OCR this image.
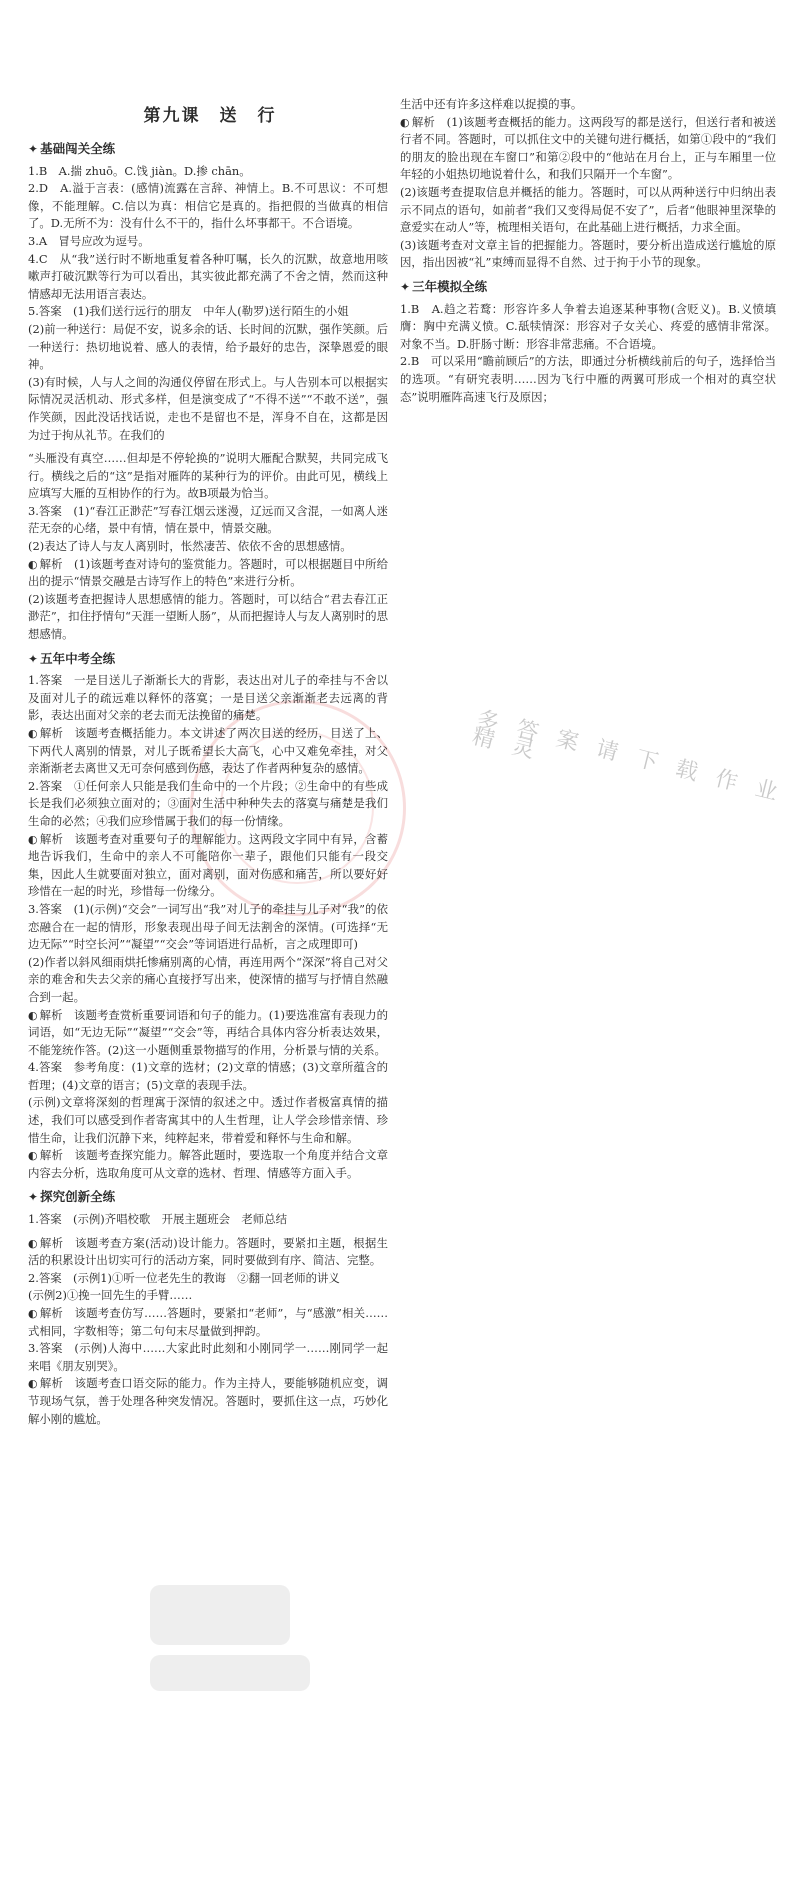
第九课　送　行
✦ 基础闯关全练

1.B　A.揣 zhuō。C.饯 jiàn。D.掺 chān。

2.D　A.溢于言表：(感情)流露在言辞、神情上。B.不可思议：不可想像，不能理解。C.信以为真：相信它是真的。指把假的当做真的相信了。D.无所不为：没有什么不干的，指什么坏事都干。不合语境。

3.A　冒号应改为逗号。

4.C　从“我”送行时不断地重复着各种叮嘱，长久的沉默，故意地用咳嗽声打破沉默等行为可以看出，其实彼此都充满了不舍之情，然而这种情感却无法用语言表达。

5.答案　(1)我们送行远行的朋友　中年人(勒罗)送行陌生的小姐

(2)前一种送行：局促不安，说多余的话、长时间的沉默，强作笑颜。后一种送行：热切地说着、感人的表情，给予最好的忠告，深挚恩爱的眼神。

(3)有时候，人与人之间的沟通仪停留在形式上。与人告别本可以根据实际情况灵活机动、形式多样，但是演变成了“不得不送”“不敢不送”，强作笑颜，因此没话找话说，走也不是留也不是，浑身不自在，这都是因为过于拘从礼节。在我们的

“头雁没有真空……但却是不停轮换的”说明大雁配合默契，共同完成飞行。横线之后的“这”是指对雁阵的某种行为的评价。由此可见，横线上应填写大雁的互相协作的行为。故B项最为恰当。

3.答案　(1)“春江正渺茫”写春江烟云迷漫，辽远而又含混，一如离人迷茫无奈的心绪，景中有情，情在景中，情景交融。

(2)表达了诗人与友人离别时，怅然凄苦、依依不舍的思想感情。

◐ 解析　(1)该题考查对诗句的鉴赏能力。答题时，可以根据题目中所给出的提示“情景交融是古诗写作上的特色”来进行分析。

(2)该题考查把握诗人思想感情的能力。答题时，可以结合“君去春江正渺茫”，扣住抒情句“天涯一望断人肠”，从而把握诗人与友人离别时的思想感情。

✦ 五年中考全练

1.答案　一是目送儿子渐渐长大的背影，表达出对儿子的牵挂与不舍以及面对儿子的疏远难以释怀的落寞；一是目送父亲渐渐老去远离的背影，表达出面对父亲的老去而无法挽留的痛楚。

◐ 解析　该题考查概括能力。本文讲述了两次目送的经历，目送了上、下两代人离别的情景，对儿子既希望长大高飞，心中又难免牵挂，对父亲渐渐老去离世又无可奈何感到伤感，表达了作者两种复杂的感情。

2.答案　①任何亲人只能是我们生命中的一个片段；②生命中的有些成长是我们必须独立面对的；③面对生活中种种失去的落寞与痛楚是我们生命的必然；④我们应珍惜属于我们的每一份情缘。

◐ 解析　该题考查对重要句子的理解能力。这两段文字同中有异，含蓄地告诉我们，生命中的亲人不可能陪你一辈子，跟他们只能有一段交集，因此人生就要面对独立，面对离别，面对伤感和痛苦，所以要好好珍惜在一起的时光，珍惜每一份缘分。

3.答案　(1)(示例)“交会”一词写出“我”对儿子的牵挂与儿子对“我”的依恋融合在一起的情形，形象表现出母子间无法割舍的深情。(可选择“无边无际”“时空长河”“凝望”“交会”等词语进行品析，言之成理即可)

(2)作者以斜风细雨烘托惨痛别离的心情，再连用两个“深深”将自己对父亲的难舍和失去父亲的痛心直接抒写出来，使深情的描写与抒情自然融合到一起。

◐ 解析　该题考查赏析重要词语和句子的能力。(1)要选准富有表现力的词语，如“无边无际”“凝望”“交会”等，再结合具体内容分析表达效果，不能笼统作答。(2)这一小题侧重景物描写的作用，分析景与情的关系。

4.答案　参考角度：(1)文章的选材；(2)文章的情感；(3)文章所蕴含的哲理；(4)文章的语言；(5)文章的表现手法。

(示例)文章将深刻的哲理寓于深情的叙述之中。透过作者极富真情的描述，我们可以感受到作者寄寓其中的人生哲理，让人学会珍惜亲情、珍惜生命，让我们沉静下来，纯粹起来，带着爱和释怀与生命和解。

◐ 解析　该题考查探究能力。解答此题时，要选取一个角度并结合文章内容去分析，选取角度可从文章的选材、哲理、情感等方面入手。

✦ 探究创新全练

1.答案　(示例)齐唱校歌　开展主题班会　老师总结

◐ 解析　该题考查方案(活动)设计能力。答题时，要紧扣主题，根据生活的积累设计出切实可行的活动方案，同时要做到有序、简洁、完整。

2.答案　(示例1)①听一位老先生的教诲　②翻一回老师的讲义

(示例2)①挽一回先生的手臂……

◐ 解析　该题考查仿写……答题时，要紧扣“老师”，与“感激”相关……式相同，字数相等；第二句句末尽量做到押韵。

3.答案　(示例)人海中……大家此时此刻和小刚同学一……刚同学一起来唱《朋友别哭》。

◐ 解析　该题考查口语交际的能力。作为主持人，要能够随机应变，调节现场气氛，善于处理各种突发情况。答题时，要抓住这一点，巧妙化解小刚的尴尬。

生活中还有许多这样难以捉摸的事。

◐ 解析　(1)该题考查概括的能力。这两段写的都是送行，但送行者和被送行者不同。答题时，可以抓住文中的关键句进行概括，如第①段中的“我们的朋友的脸出现在车窗口”和第②段中的“他站在月台上，正与车厢里一位年轻的小姐热切地说着什么，和我们只隔开一个车窗”。

(2)该题考查提取信息并概括的能力。答题时，可以从两种送行中归纳出表示不同点的语句，如前者“我们又变得局促不安了”，后者“他眼神里深挚的意爱实在动人”等，梳理相关语句，在此基础上进行概括，力求全面。

(3)该题考查对文章主旨的把握能力。答题时，要分析出造成送行尴尬的原因，指出因被“礼”束缚而显得不自然、过于拘于小节的现象。

✦ 三年模拟全练

1.B　A.趋之若鹜：形容许多人争着去追逐某种事物(含贬义)。B.义愤填膺：胸中充满义愤。C.舐犊情深：形容对子女关心、疼爱的感情非常深。对象不当。D.肝肠寸断：形容非常悲痛。不合语境。

2.B　可以采用“瞻前顾后”的方法，即通过分析横线前后的句子，选择恰当的选项。“有研究表明……因为飞行中雁的两翼可形成一个相对的真空状态”说明雁阵高速飞行及原因；

多 答 案 请 下 载 作 业 精 灵
